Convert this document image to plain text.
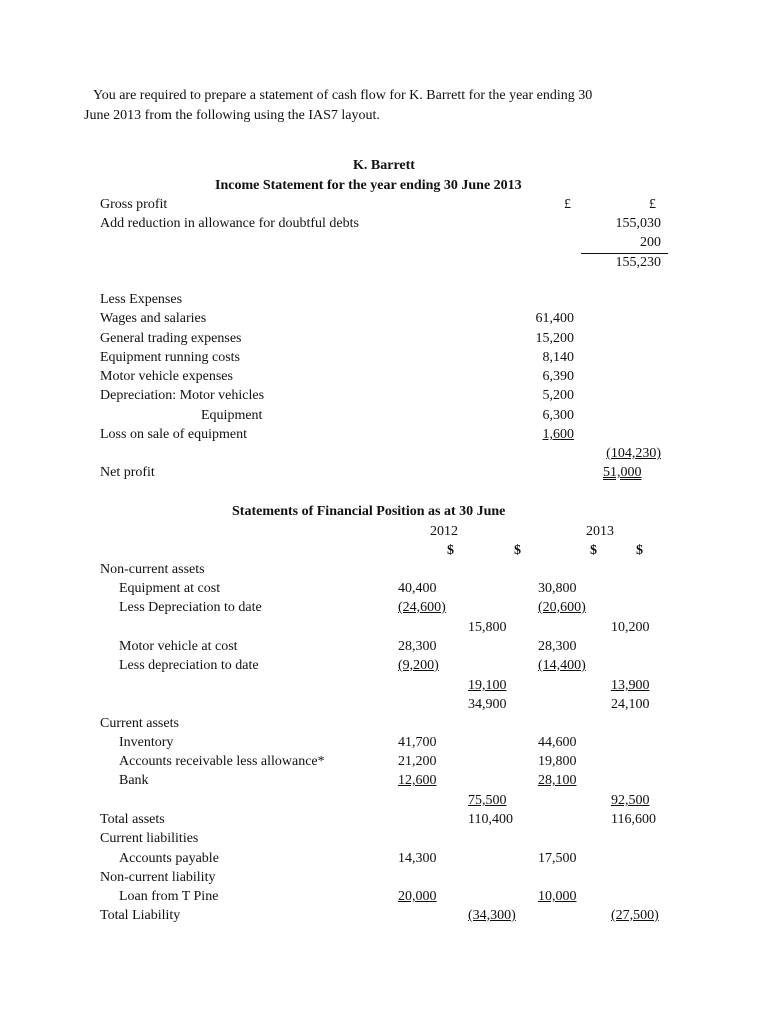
You are required to prepare a statement of cash flow for K. Barrett for the year ending 30
June 2013 from the following using the IAS7 layout.
K. Barrett
Income Statement for the year ending 30 June 2013
Gross profit	£	£
Add reduction in allowance for doubtful debts	155,030
200
155,230
Less Expenses
Wages and salaries	61,400
General trading expenses	15,200
Equipment running costs	8,140
Motor vehicle expenses	6,390
Depreciation: Motor vehicles	5,200
Equipment	6,300
Loss on sale of equipment	1,600
(104,230)
Net profit	51,000
Statements of Financial Position as at 30 June
2012	2013
$	$	$	$
Non-current assets
Equipment at cost	40,400	30,800
Less Depreciation to date	(24,600)	(20,600)
15,800	10,200
Motor vehicle at cost	28,300	28,300
Less depreciation to date	(9,200)	(14,400)
19,100	13,900
34,900	24,100
Current assets
Inventory	41,700	44,600
Accounts receivable less allowance*	21,200	19,800
Bank	12,600	28,100
75,500	92,500
Total assets	110,400	116,600
Current liabilities
Accounts payable	14,300	17,500
Non-current liability
Loan from T Pine	20,000	10,000
Total Liability	(34,300)	(27,500)
